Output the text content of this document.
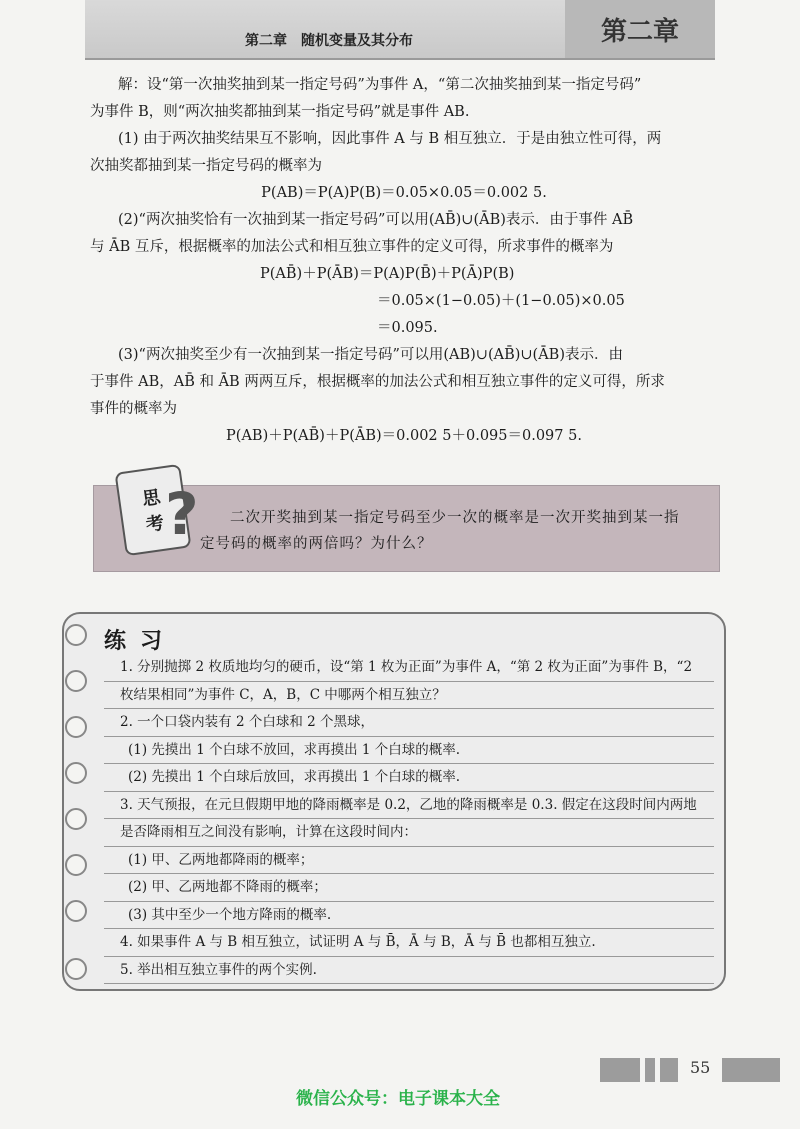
第二章　随机变量及其分布	第二章

解：设“第一次抽奖抽到某一指定号码”为事件 A，“第二次抽奖抽到某一指定号码”

为事件 B，则“两次抽奖都抽到某一指定号码”就是事件 AB.

(1) 由于两次抽奖结果互不影响，因此事件 A 与 B 相互独立．于是由独立性可得，两

次抽奖都抽到某一指定号码的概率为

P(AB)＝P(A)P(B)＝0.05×0.05＝0.002 5.

(2)“两次抽奖恰有一次抽到某一指定号码”可以用(AB̄)∪(ĀB)表示．由于事件 AB̄

与 ĀB 互斥，根据概率的加法公式和相互独立事件的定义可得，所求事件的概率为

P(AB̄)＋P(ĀB)＝P(A)P(B̄)＋P(Ā)P(B)

＝0.05×(1−0.05)＋(1−0.05)×0.05

＝0.095.

(3)“两次抽奖至少有一次抽到某一指定号码”可以用(AB)∪(AB̄)∪(ĀB)表示．由

于事件 AB，AB̄ 和 ĀB 两两互斥，根据概率的加法公式和相互独立事件的定义可得，所求

事件的概率为

P(AB)＋P(AB̄)＋P(ĀB)＝0.002 5＋0.095＝0.097 5.

思
考 ?	二次开奖抽到某一指定号码至少一次的概率是一次开奖抽到某一指
定号码的概率的两倍吗？为什么？
练习
1. 分别抛掷 2 枚质地均匀的硬币，设“第 1 枚为正面”为事件 A，“第 2 枚为正面”为事件 B，“2
枚结果相同”为事件 C，A，B，C 中哪两个相互独立？
2. 一个口袋内装有 2 个白球和 2 个黑球，
(1) 先摸出 1 个白球不放回，求再摸出 1 个白球的概率.
(2) 先摸出 1 个白球后放回，求再摸出 1 个白球的概率.
3. 天气预报，在元旦假期甲地的降雨概率是 0.2，乙地的降雨概率是 0.3. 假定在这段时间内两地
是否降雨相互之间没有影响，计算在这段时间内：
(1) 甲、乙两地都降雨的概率；
(2) 甲、乙两地都不降雨的概率；
(3) 其中至少一个地方降雨的概率.
4. 如果事件 A 与 B 相互独立，试证明 A 与 B̄，Ā 与 B，Ā 与 B̄ 也都相互独立.
5. 举出相互独立事件的两个实例.
55
微信公众号：电子课本大全
